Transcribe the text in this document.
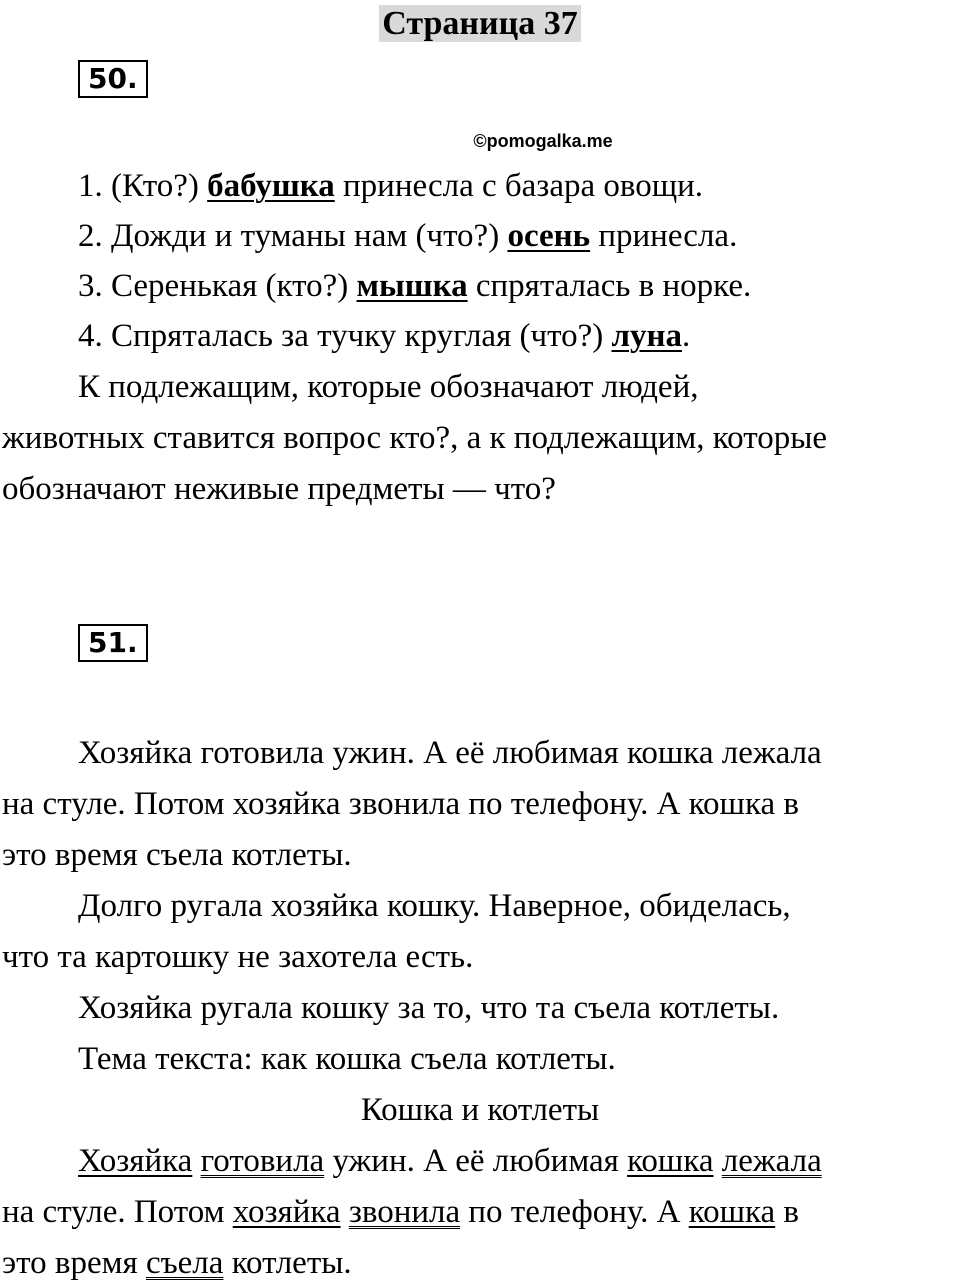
Страница 37
50.
©pomogalka.me
1. (Кто?) бабушка принесла с базара овощи.
2. Дожди и туманы нам (что?) осень принесла.
3. Серенькая (кто?) мышка спряталась в норке.
4. Спряталась за тучку круглая (что?) луна.
К подлежащим, которые обозначают людей,
животных ставится вопрос кто?, а к подлежащим, которые
обозначают неживые предметы — что?
51.
Хозяйка готовила ужин. А её любимая кошка лежала
на стуле. Потом хозяйка звонила по телефону. А кошка в
это время съела котлеты.
Долго ругала хозяйка кошку. Наверное, обиделась,
что та картошку не захотела есть.
Хозяйка ругала кошку за то, что та съела котлеты.
Тема текста: как кошка съела котлеты.
Кошка и котлеты
Хозяйка готовила ужин. А её любимая кошка лежала
на стуле. Потом хозяйка звонила по телефону. А кошка в
это время съела котлеты.
